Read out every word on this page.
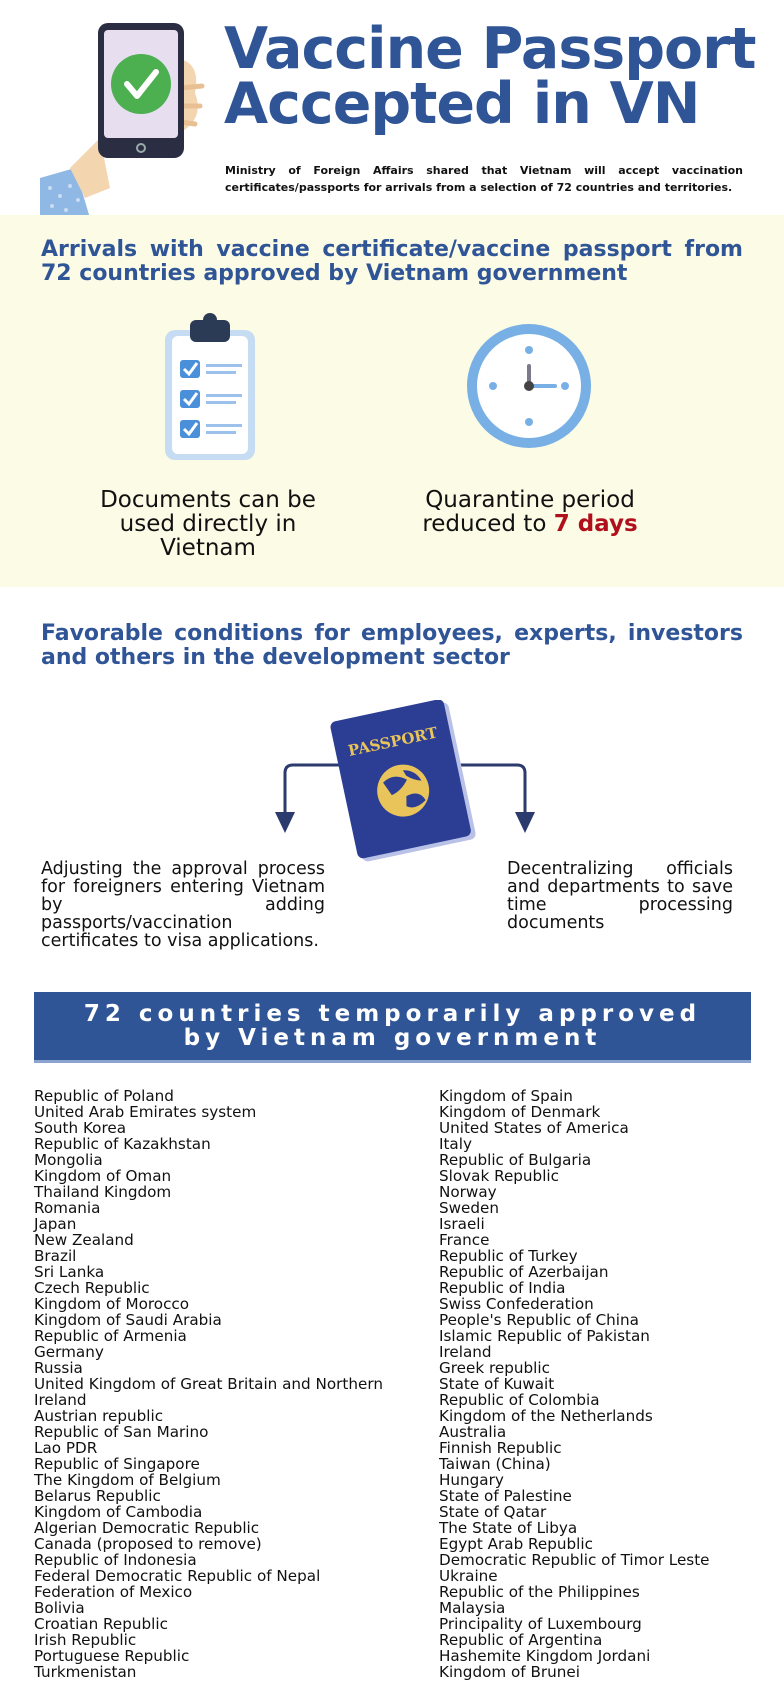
Vaccine Passport
Accepted in VN

Ministry of Foreign Affairs shared that Vietnam will accept vaccination certificates/passports for arrivals from a selection of 72 countries and territories.

Arrivals with vaccine certificate/vaccine passport from 72 countries approved by Vietnam government

Documents can be used directly in Vietnam

Quarantine period reduced to 7 days

Favorable conditions for employees, experts, investors and others in the development sector
PASSPORT

Adjusting the approval process for foreigners entering Vietnam by adding passports/vaccination certificates to visa applications.

Decentralizing officials and departments to save time processing documents

72 countries temporarily approved
by Vietnam government
Republic of Poland
United Arab Emirates system
South Korea
Republic of Kazakhstan
Mongolia
Kingdom of Oman
Thailand Kingdom
Romania
Japan
New Zealand
Brazil
Sri Lanka
Czech Republic
Kingdom of Morocco
Kingdom of Saudi Arabia
Republic of Armenia
Germany
Russia
United Kingdom of Great Britain and Northern Ireland
Austrian republic
Republic of San Marino
Lao PDR
Republic of Singapore
The Kingdom of Belgium
Belarus Republic
Kingdom of Cambodia
Algerian Democratic Republic
Canada (proposed to remove)
Republic of Indonesia
Federal Democratic Republic of Nepal
Federation of Mexico
Bolivia
Croatian Republic
Irish Republic
Portuguese Republic
Turkmenistan
Kingdom of Spain
Kingdom of Denmark
United States of America
Italy
Republic of Bulgaria
Slovak Republic
Norway
Sweden
Israeli
France
Republic of Turkey
Republic of Azerbaijan
Republic of India
Swiss Confederation
People's Republic of China
Islamic Republic of Pakistan
Ireland
Greek republic
State of Kuwait
Republic of Colombia
Kingdom of the Netherlands
Australia
Finnish Republic
Taiwan (China)
Hungary
State of Palestine
State of Qatar
The State of Libya
Egypt Arab Republic
Democratic Republic of Timor Leste
Ukraine
Republic of the Philippines
Malaysia
Principality of Luxembourg
Republic of Argentina
Hashemite Kingdom Jordani
Kingdom of Brunei
